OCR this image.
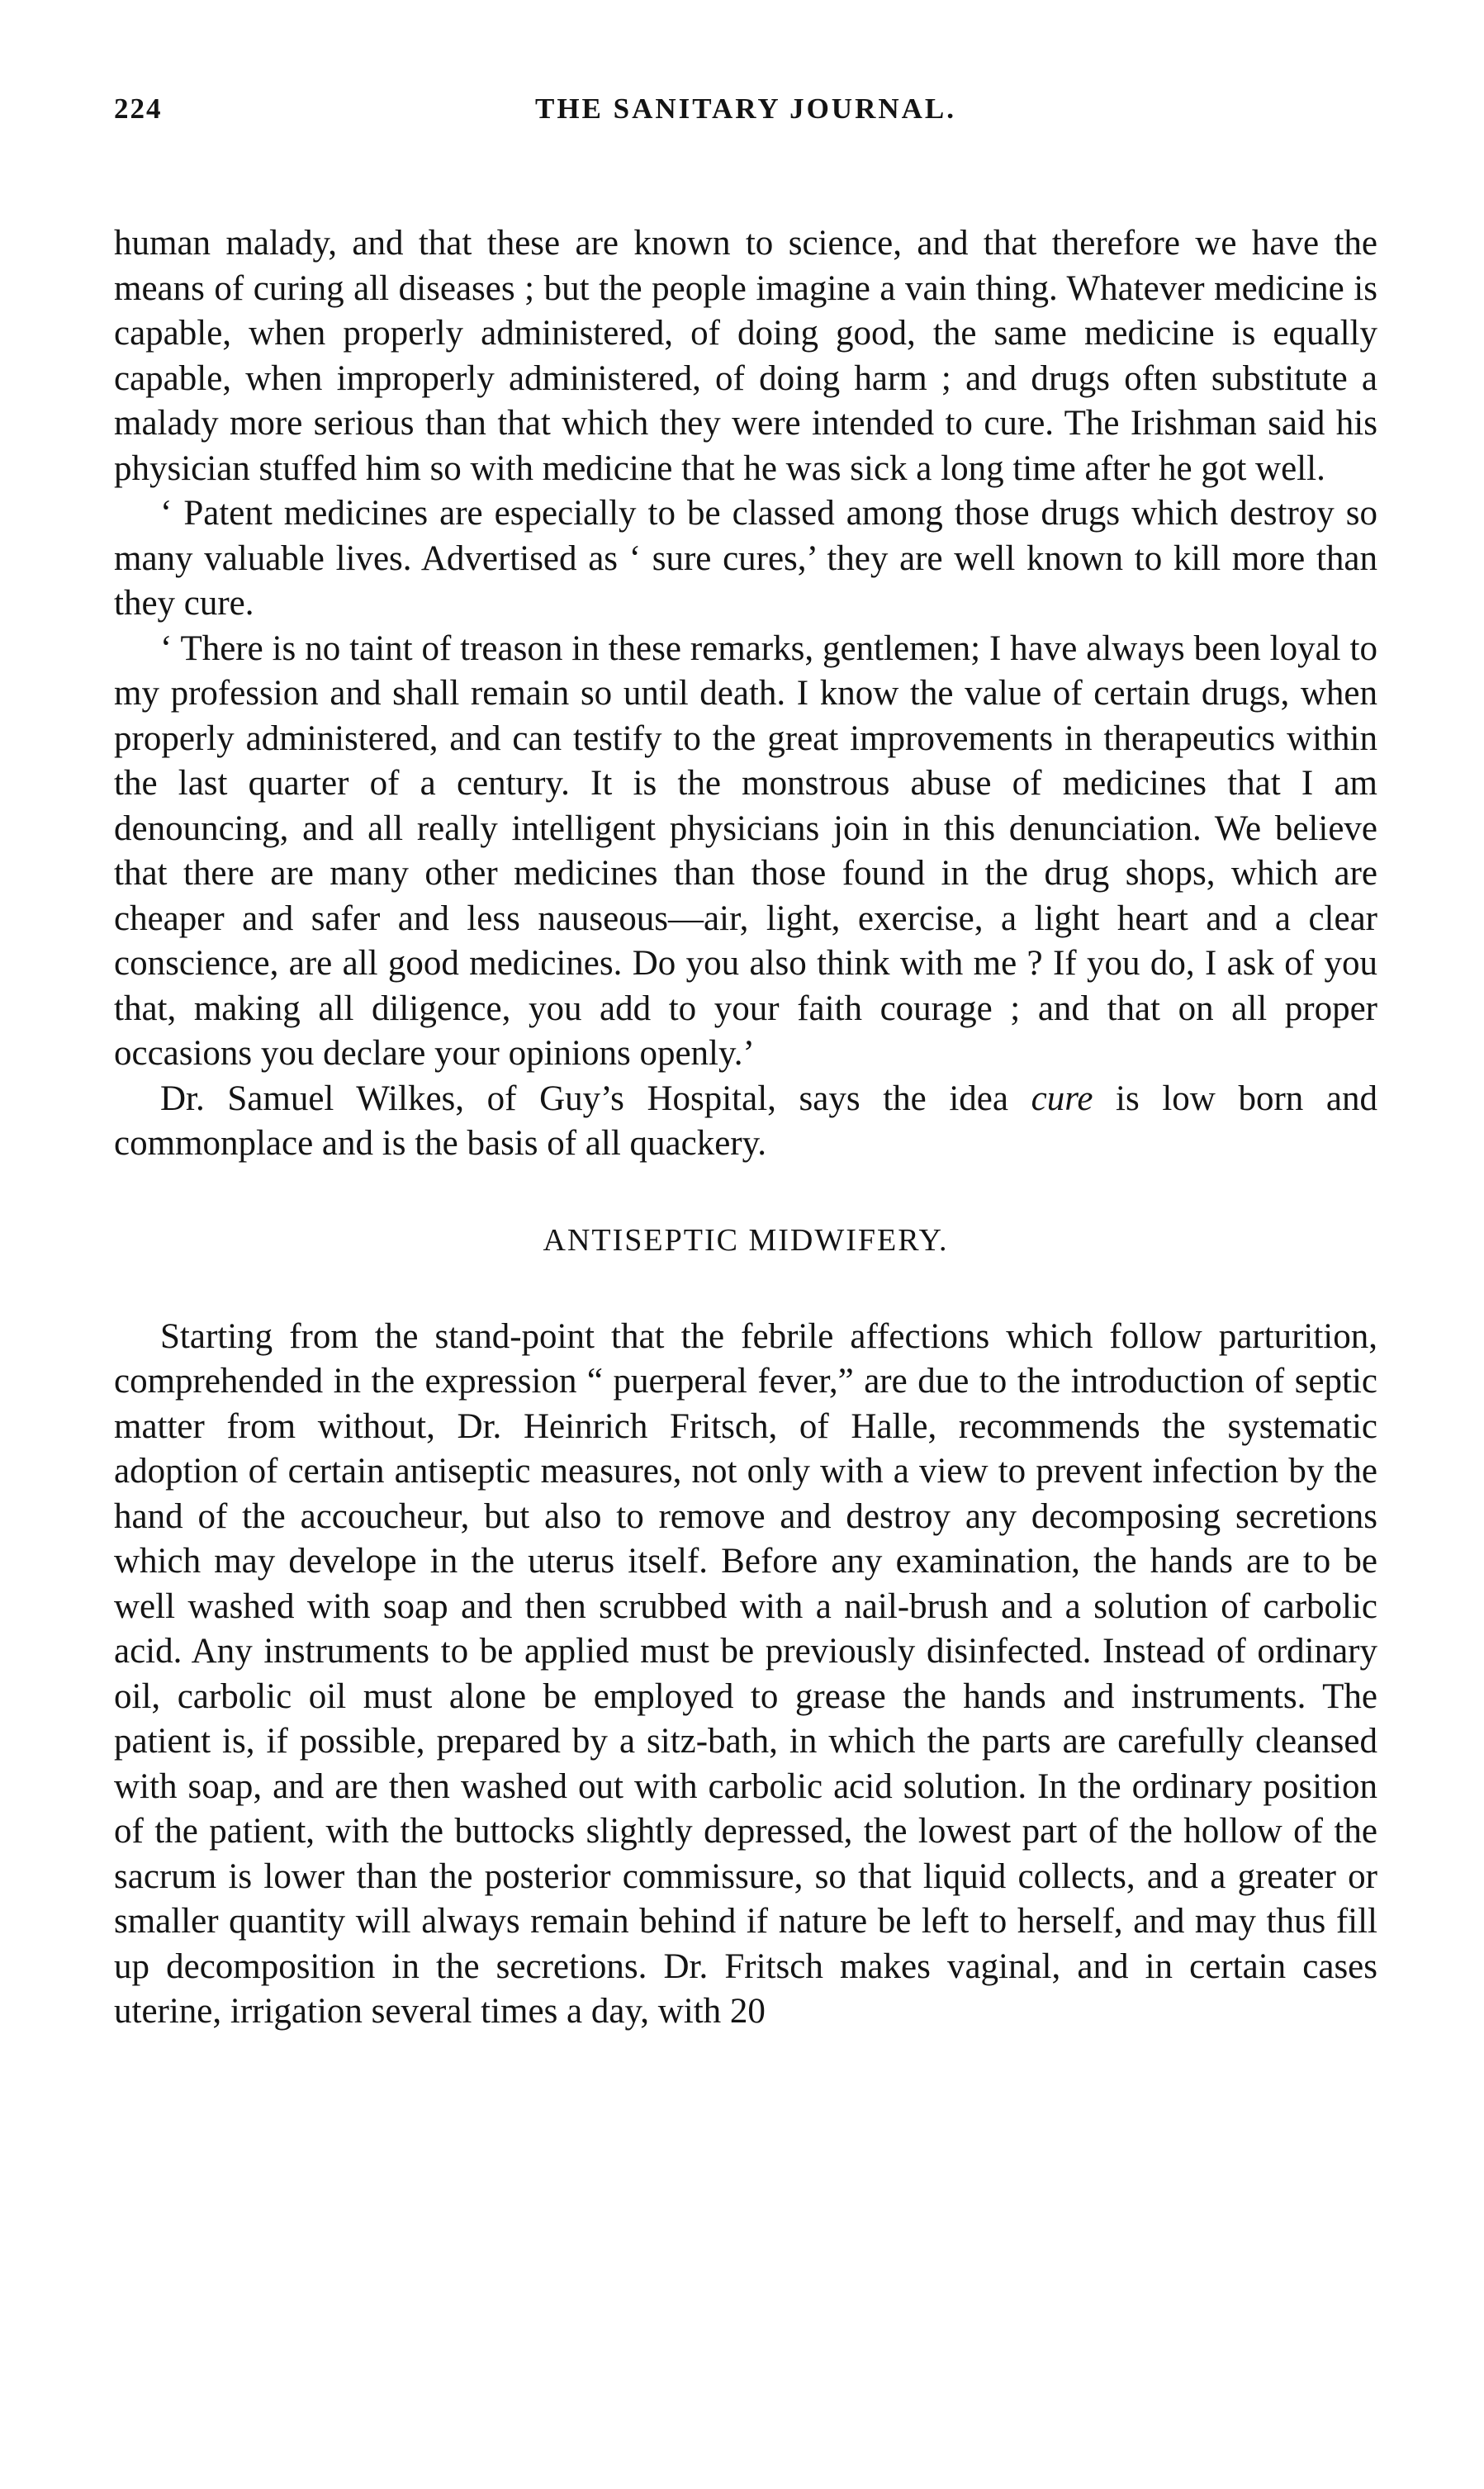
224	THE SANITARY JOURNAL.

human malady, and that these are known to science, and that therefore we have the means of curing all diseases ; but the people imagine a vain thing. Whatever medicine is capable, when properly administered, of doing good, the same medicine is equally capable, when improperly administered, of doing harm ; and drugs often substitute a malady more serious than that which they were intended to cure. The Irishman said his physician stuffed him so with medicine that he was sick a long time after he got well.

‘ Patent medicines are especially to be classed among those drugs which destroy so many valuable lives. Advertised as ‘ sure cures,’ they are well known to kill more than they cure.

‘ There is no taint of treason in these remarks, gentlemen; I have always been loyal to my profession and shall remain so until death. I know the value of certain drugs, when properly administered, and can testify to the great improvements in therapeutics within the last quarter of a century. It is the monstrous abuse of medicines that I am denouncing, and all really intelligent physicians join in this denunciation. We believe that there are many other medicines than those found in the drug shops, which are cheaper and safer and less nauseous—air, light, exercise, a light heart and a clear conscience, are all good medicines. Do you also think with me ? If you do, I ask of you that, making all diligence, you add to your faith courage ; and that on all proper occasions you declare your opinions openly.’

Dr. Samuel Wilkes, of Guy’s Hospital, says the idea cure is low born and commonplace and is the basis of all quackery.

ANTISEPTIC MIDWIFERY.

Starting from the stand-point that the febrile affections which follow parturition, comprehended in the expression “ puerperal fever,” are due to the introduction of septic matter from without, Dr. Heinrich Fritsch, of Halle, recommends the systematic adoption of certain antiseptic measures, not only with a view to prevent infection by the hand of the accoucheur, but also to remove and destroy any decomposing secretions which may develope in the uterus itself. Before any examination, the hands are to be well washed with soap and then scrubbed with a nail-brush and a solution of carbolic acid. Any instruments to be applied must be previously disinfected. Instead of ordinary oil, carbolic oil must alone be employed to grease the hands and instruments. The patient is, if possible, prepared by a sitz-bath, in which the parts are carefully cleansed with soap, and are then washed out with carbolic acid solution. In the ordinary position of the patient, with the buttocks slightly depressed, the lowest part of the hollow of the sacrum is lower than the posterior commissure, so that liquid collects, and a greater or smaller quantity will always remain behind if nature be left to herself, and may thus fill up decomposition in the secretions. Dr. Fritsch makes vaginal, and in certain cases uterine, irrigation several times a day, with 20
